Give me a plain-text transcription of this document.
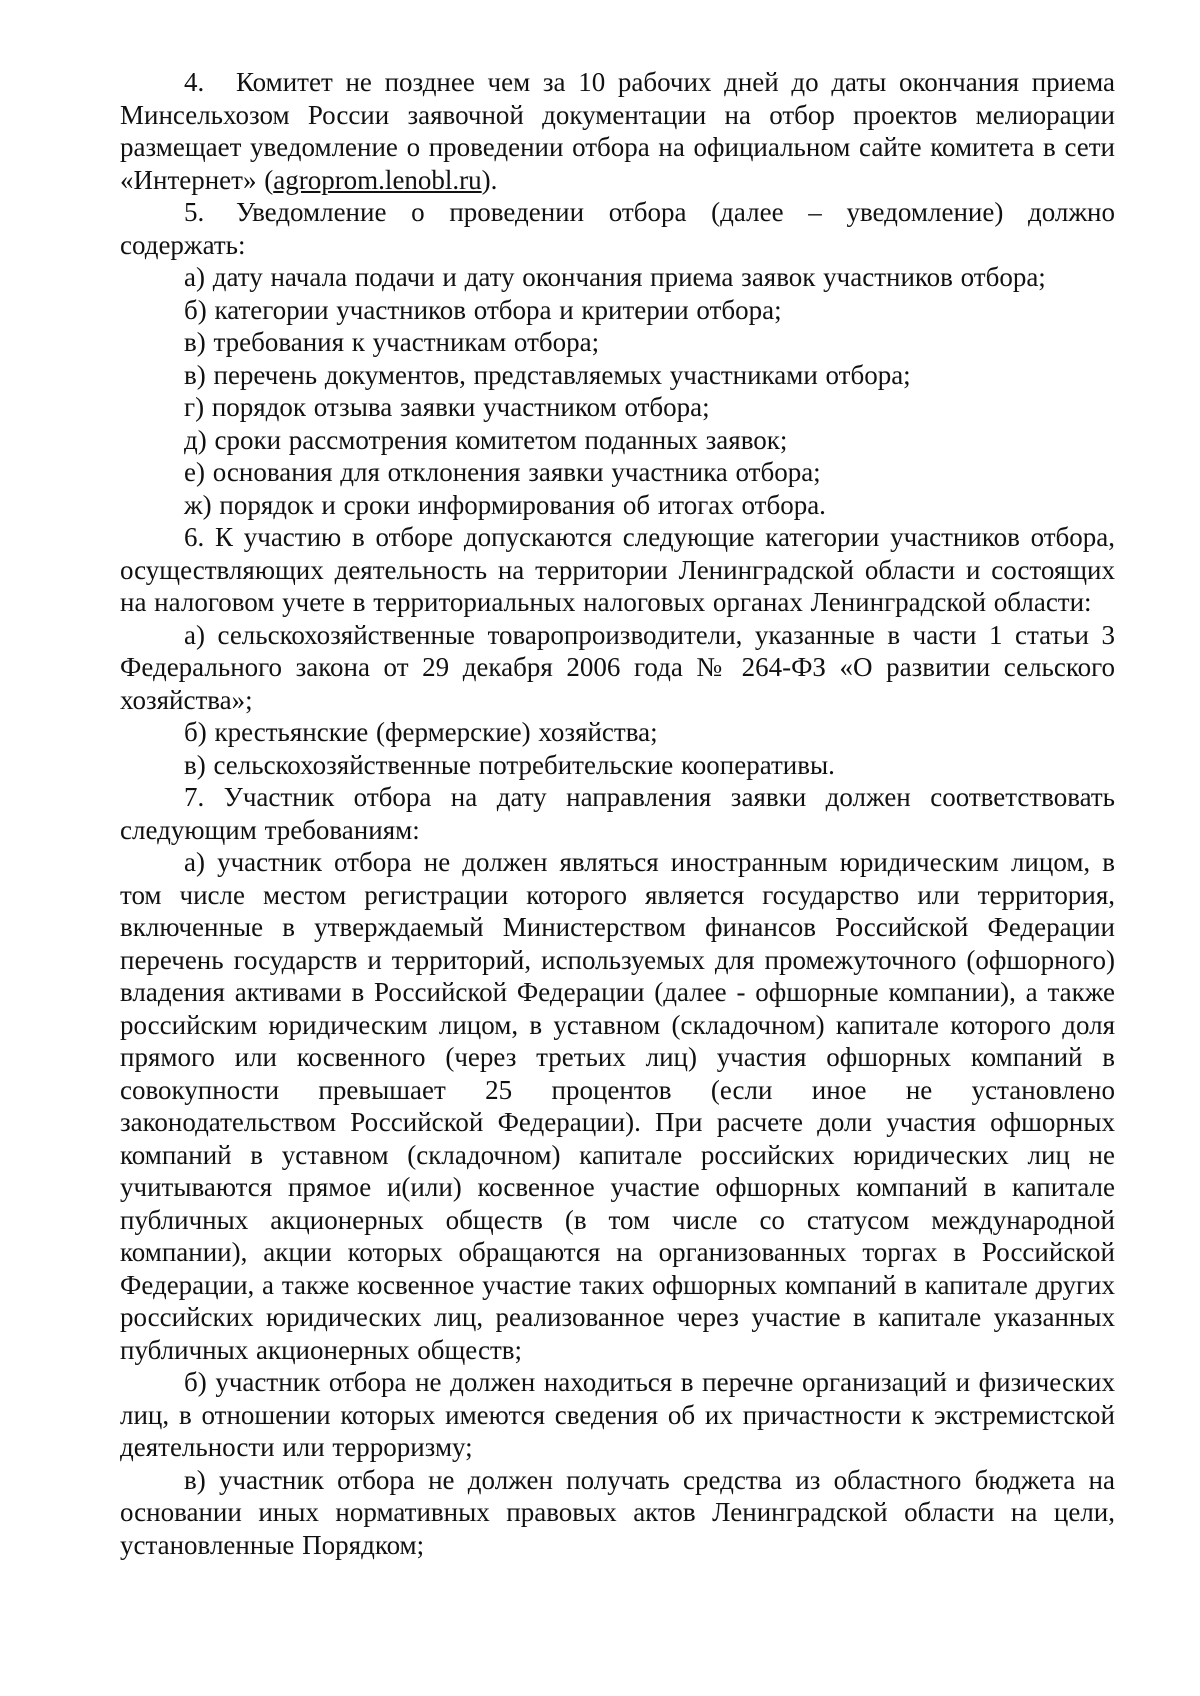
4. Комитет не позднее чем за 10 рабочих дней до даты окончания приема Минсельхозом России заявочной документации на отбор проектов мелиорации размещает уведомление о проведении отбора на официальном сайте комитета в сети «Интернет» (agroprom.lenobl.ru).

5. Уведомление о проведении отбора (далее – уведомление) должно содержать:

а) дату начала подачи и дату окончания приема заявок участников отбора;

б) категории участников отбора и критерии отбора;

в) требования к участникам отбора;

в) перечень документов, представляемых участниками отбора;

г) порядок отзыва заявки участником отбора;

д) сроки рассмотрения комитетом поданных заявок;

е) основания для отклонения заявки участника отбора;

ж) порядок и сроки информирования об итогах отбора.

6. К участию в отборе допускаются следующие категории участников отбора, осуществляющих деятельность на территории Ленинградской области и состоящих на налоговом учете в территориальных налоговых органах Ленинградской области:

а) сельскохозяйственные товаропроизводители, указанные в части 1 статьи 3 Федерального закона от 29 декабря 2006 года № 264-ФЗ «О развитии сельского хозяйства»;

б) крестьянские (фермерские) хозяйства;

в) сельскохозяйственные потребительские кооперативы.

7. Участник отбора на дату направления заявки должен соответствовать следующим требованиям:

а) участник отбора не должен являться иностранным юридическим лицом, в том числе местом регистрации которого является государство или территория, включенные в утверждаемый Министерством финансов Российской Федерации перечень государств и территорий, используемых для промежуточного (офшорного) владения активами в Российской Федерации (далее - офшорные компании), а также российским юридическим лицом, в уставном (складочном) капитале которого доля прямого или косвенного (через третьих лиц) участия офшорных компаний в совокупности превышает 25 процентов (если иное не установлено законодательством Российской Федерации). При расчете доли участия офшорных компаний в уставном (складочном) капитале российских юридических лиц не учитываются прямое и(или) косвенное участие офшорных компаний в капитале публичных акционерных обществ (в том числе со статусом международной компании), акции которых обращаются на организованных торгах в Российской Федерации, а также косвенное участие таких офшорных компаний в капитале других российских юридических лиц, реализованное через участие в капитале указанных публичных акционерных обществ;

б) участник отбора не должен находиться в перечне организаций и физических лиц, в отношении которых имеются сведения об их причастности к экстремистской деятельности или терроризму;

в) участник отбора не должен получать средства из областного бюджета на основании иных нормативных правовых актов Ленинградской области на цели, установленные Порядком;
